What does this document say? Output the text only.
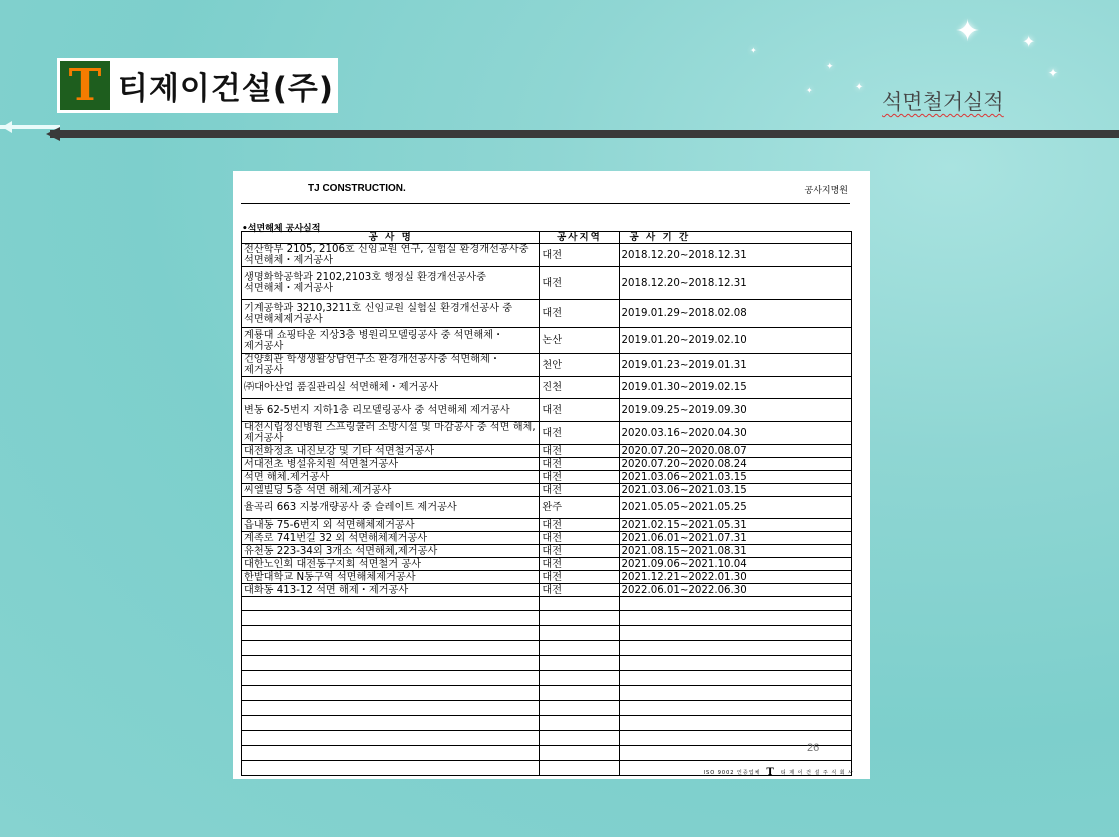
✦	✦
✦
✦
✦
✦
✦
T 티제이건설(주)	석면철거실적
TJ CONSTRUCTION.	공사지명원
•석면해체 공사실적
공 사 명	공사지역	공 사 기 간
전산학부 2105, 2106호 신임교원 연구, 실험실 환경개선공사중 석면해체・제거공사	대전	2018.12.20~2018.12.31
생명화학공학과 2102,2103호 행정실 환경개선공사중 석면해체・제거공사	대전	2018.12.20~2018.12.31
기계공학과 3210,3211호 신임교원 실험실 환경개선공사 중 석면해체제거공사	대전	2019.01.29~2018.02.08
계룡대 쇼핑타운 지상3층 병원리모델링공사 중 석면해체・제거공사	논산	2019.01.20~2019.02.10
건양회관 학생생활상담연구소 환경개선공사중 석면해체・제거공사	천안	2019.01.23~2019.01.31
㈜대아산업 품질관리실 석면해체・제거공사	진천	2019.01.30~2019.02.15
변동 62-5번지 지하1층 리모델링공사 중 석면해체 제거공사	대전	2019.09.25~2019.09.30
대전시립정신병원 스프링쿨러 소방시설 및 마감공사 중 석면 해체,제거공사	대전	2020.03.16~2020.04.30
대전화정초 내진보강 및 기타 석면철거공사	대전	2020.07.20~2020.08.07
서대전초 병설유치원 석면철거공사	대전	2020.07.20~2020.08.24
석면 해체.제거공사	대전	2021.03.06~2021.03.15
씨엘빌딩 5층 석면 해체.제거공사	대전	2021.03.06~2021.03.15
율곡리 663 지붕개량공사 중 슬레이트 제거공사	완주	2021.05.05~2021.05.25
읍내동 75-6번지 외 석면해체제거공사	대전	2021.02.15~2021.05.31
계족로 741번길 32 외 석면해체제거공사	대전	2021.06.01~2021.07.31
유천동 223-34외 3개소 석면해체,제거공사	대전	2021.08.15~2021.08.31
대한노인회 대전동구지회 석면철거 공사	대전	2021.09.06~2021.10.04
한밭대학교 N동구역 석면해체제거공사	대전	2021.12.21~2022.01.30
대화동 413-12 석면 해제・제거공사	대전	2022.06.01~2022.06.30

26
ISO 9002 인증업체 T 티 제 이 건 설 주 식 회 사
